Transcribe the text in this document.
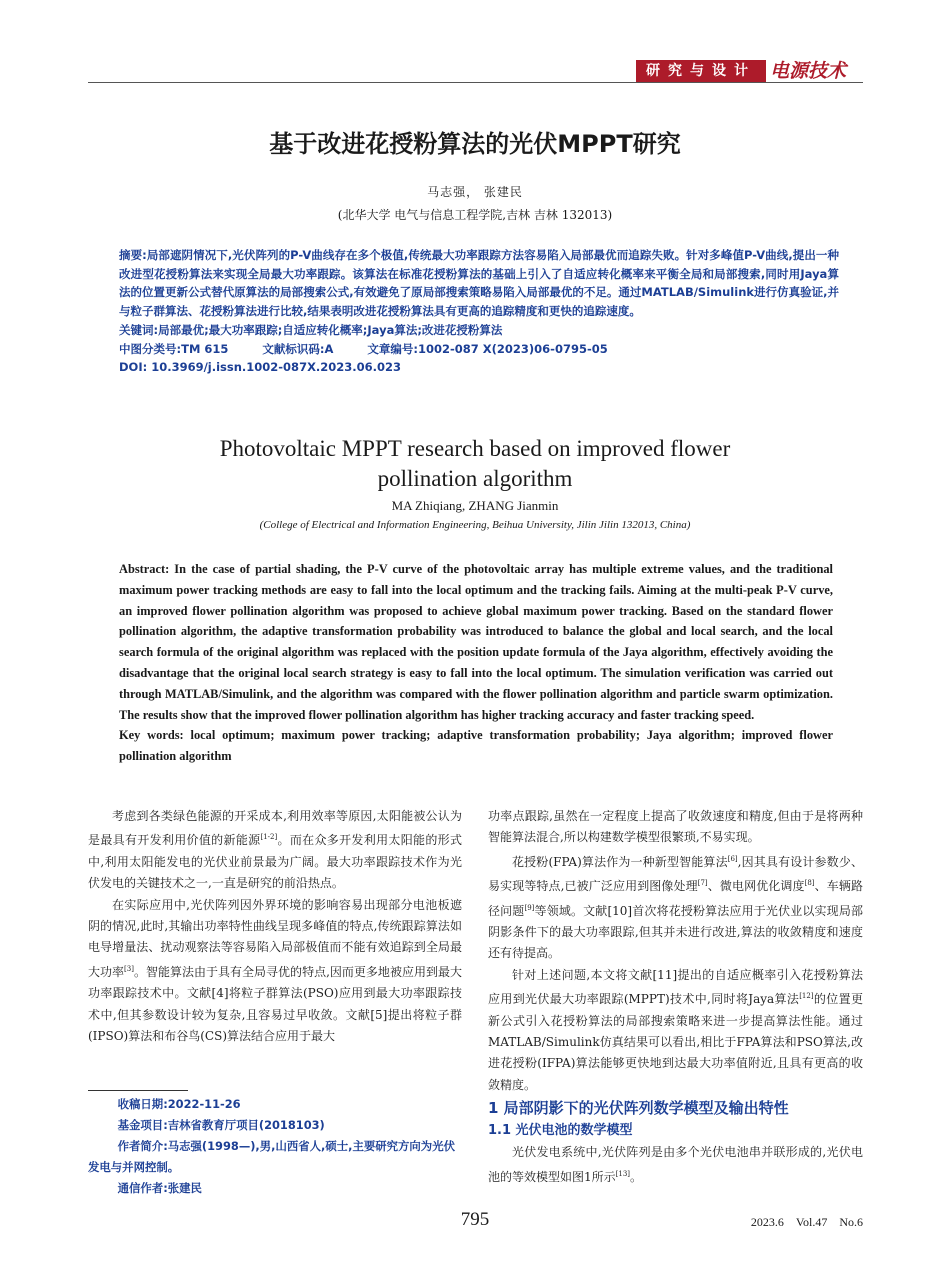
研究与设计 电源技术
基于改进花授粉算法的光伏MPPT研究
马志强， 张建民
(北华大学 电气与信息工程学院,吉林 吉林 132013)

摘要:局部遮阴情况下,光伏阵列的P-V曲线存在多个极值,传统最大功率跟踪方法容易陷入局部最优而追踪失败。针对多峰值P-V曲线,提出一种改进型花授粉算法来实现全局最大功率跟踪。该算法在标准花授粉算法的基础上引入了自适应转化概率来平衡全局和局部搜索,同时用Jaya算法的位置更新公式替代原算法的局部搜索公式,有效避免了原局部搜索策略易陷入局部最优的不足。通过MATLAB/Simulink进行仿真验证,并与粒子群算法、花授粉算法进行比较,结果表明改进花授粉算法具有更高的追踪精度和更快的追踪速度。

关键词:局部最优;最大功率跟踪;自适应转化概率;Jaya算法;改进花授粉算法

中图分类号:TM 615	文献标识码:A	文章编号:1002-087 X(2023)06-0795-05

DOI: 10.3969/j.issn.1002-087X.2023.06.023

Photovoltaic MPPT research based on improved flower
pollination algorithm
MA Zhiqiang, ZHANG Jianmin
(College of Electrical and Information Engineering, Beihua University, Jilin Jilin 132013, China)

Abstract: In the case of partial shading, the P-V curve of the photovoltaic array has multiple extreme values, and the traditional maximum power tracking methods are easy to fall into the local optimum and the tracking fails. Aiming at the multi-peak P-V curve, an improved flower pollination algorithm was proposed to achieve global maximum power tracking. Based on the standard flower pollination algorithm, the adaptive transformation probability was introduced to balance the global and local search, and the local search formula of the original algorithm was replaced with the position update formula of the Jaya algorithm, effectively avoiding the disadvantage that the original local search strategy is easy to fall into the local optimum. The simulation verification was carried out through MATLAB/Simulink, and the algorithm was compared with the flower pollination algorithm and particle swarm optimization. The results show that the improved flower pollination algorithm has higher tracking accuracy and faster tracking speed.

Key words: local optimum; maximum power tracking; adaptive transformation probability; Jaya algorithm; improved flower pollination algorithm

考虑到各类绿色能源的开采成本,利用效率等原因,太阳能被公认为是最具有开发利用价值的新能源[1-2]。而在众多开发利用太阳能的形式中,利用太阳能发电的光伏业前景最为广阔。最大功率跟踪技术作为光伏发电的关键技术之一,一直是研究的前沿热点。

在实际应用中,光伏阵列因外界环境的影响容易出现部分电池板遮阴的情况,此时,其输出功率特性曲线呈现多峰值的特点,传统跟踪算法如电导增量法、扰动观察法等容易陷入局部极值而不能有效追踪到全局最大功率[3]。智能算法由于具有全局寻优的特点,因而更多地被应用到最大功率跟踪技术中。文献[4]将粒子群算法(PSO)应用到最大功率跟踪技术中,但其参数设计较为复杂,且容易过早收敛。文献[5]提出将粒子群(IPSO)算法和布谷鸟(CS)算法结合应用于最大

收稿日期:2022-11-26

基金项目:吉林省教育厅项目(2018103)

作者简介:马志强(1998—),男,山西省人,硕士,主要研究方向为光伏发电与并网控制。

通信作者:张建民

功率点跟踪,虽然在一定程度上提高了收敛速度和精度,但由于是将两种智能算法混合,所以构建数学模型很繁琐,不易实现。

花授粉(FPA)算法作为一种新型智能算法[6],因其具有设计参数少、易实现等特点,已被广泛应用到图像处理[7]、微电网优化调度[8]、车辆路径问题[9]等领域。文献[10]首次将花授粉算法应用于光伏业以实现局部阴影条件下的最大功率跟踪,但其并未进行改进,算法的收敛精度和速度还有待提高。

针对上述问题,本文将文献[11]提出的自适应概率引入花授粉算法应用到光伏最大功率跟踪(MPPT)技术中,同时将Jaya算法[12]的位置更新公式引入花授粉算法的局部搜索策略来进一步提高算法性能。通过MATLAB/Simulink仿真结果可以看出,相比于FPA算法和PSO算法,改进花授粉(IFPA)算法能够更快地到达最大功率值附近,且具有更高的收敛精度。

1 局部阴影下的光伏阵列数学模型及输出特性

1.1 光伏电池的数学模型

光伏发电系统中,光伏阵列是由多个光伏电池串并联形成的,光伏电池的等效模型如图1所示[13]。

795	2023.6　Vol.47　No.6
